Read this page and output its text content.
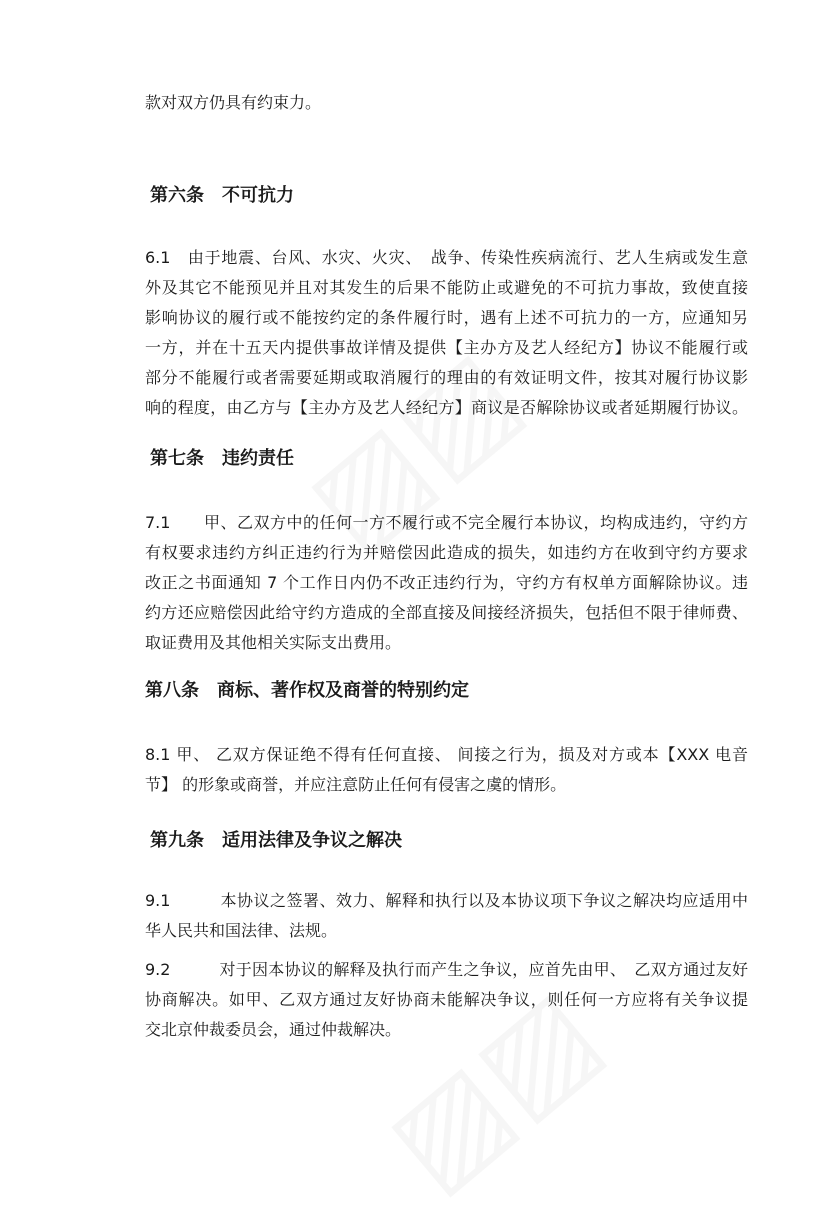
款对双方仍具有约束力。
第六条　不可抗力
6.1　由于地震、台风、水灾、火灾、　战争、传染性疾病流行、艺人生病或发生意
外及其它不能预见并且对其发生的后果不能防止或避免的不可抗力事故，致使直接
影响协议的履行或不能按约定的条件履行时，遇有上述不可抗力的一方，应通知另
一方，并在十五天内提供事故详情及提供【主办方及艺人经纪方】协议不能履行或
部分不能履行或者需要延期或取消履行的理由的有效证明文件，按其对履行协议影
响的程度，由乙方与【主办方及艺人经纪方】商议是否解除协议或者延期履行协议。
第七条　违约责任
7.1　　甲、乙双方中的任何一方不履行或不完全履行本协议，均构成违约，守约方
有权要求违约方纠正违约行为并赔偿因此造成的损失，如违约方在收到守约方要求
改正之书面通知 7 个工作日内仍不改正违约行为，守约方有权单方面解除协议。违
约方还应赔偿因此给守约方造成的全部直接及间接经济损失，包括但不限于律师费、
取证费用及其他相关实际支出费用。
第八条　商标、著作权及商誉的特别约定
8.1 甲、 乙双方保证绝不得有任何直接、 间接之行为，损及对方或本【XXX 电音
节】 的形象或商誉，并应注意防止任何有侵害之虞的情形。
第九条　适用法律及争议之解决
9.1　　　本协议之签署、效力、解释和执行以及本协议项下争议之解决均应适用中
华人民共和国法律、法规。
9.2　　　对于因本协议的解释及执行而产生之争议，应首先由甲、　乙双方通过友好
协商解决。如甲、乙双方通过友好协商未能解决争议，则任何一方应将有关争议提
交北京仲裁委员会，通过仲裁解决。
